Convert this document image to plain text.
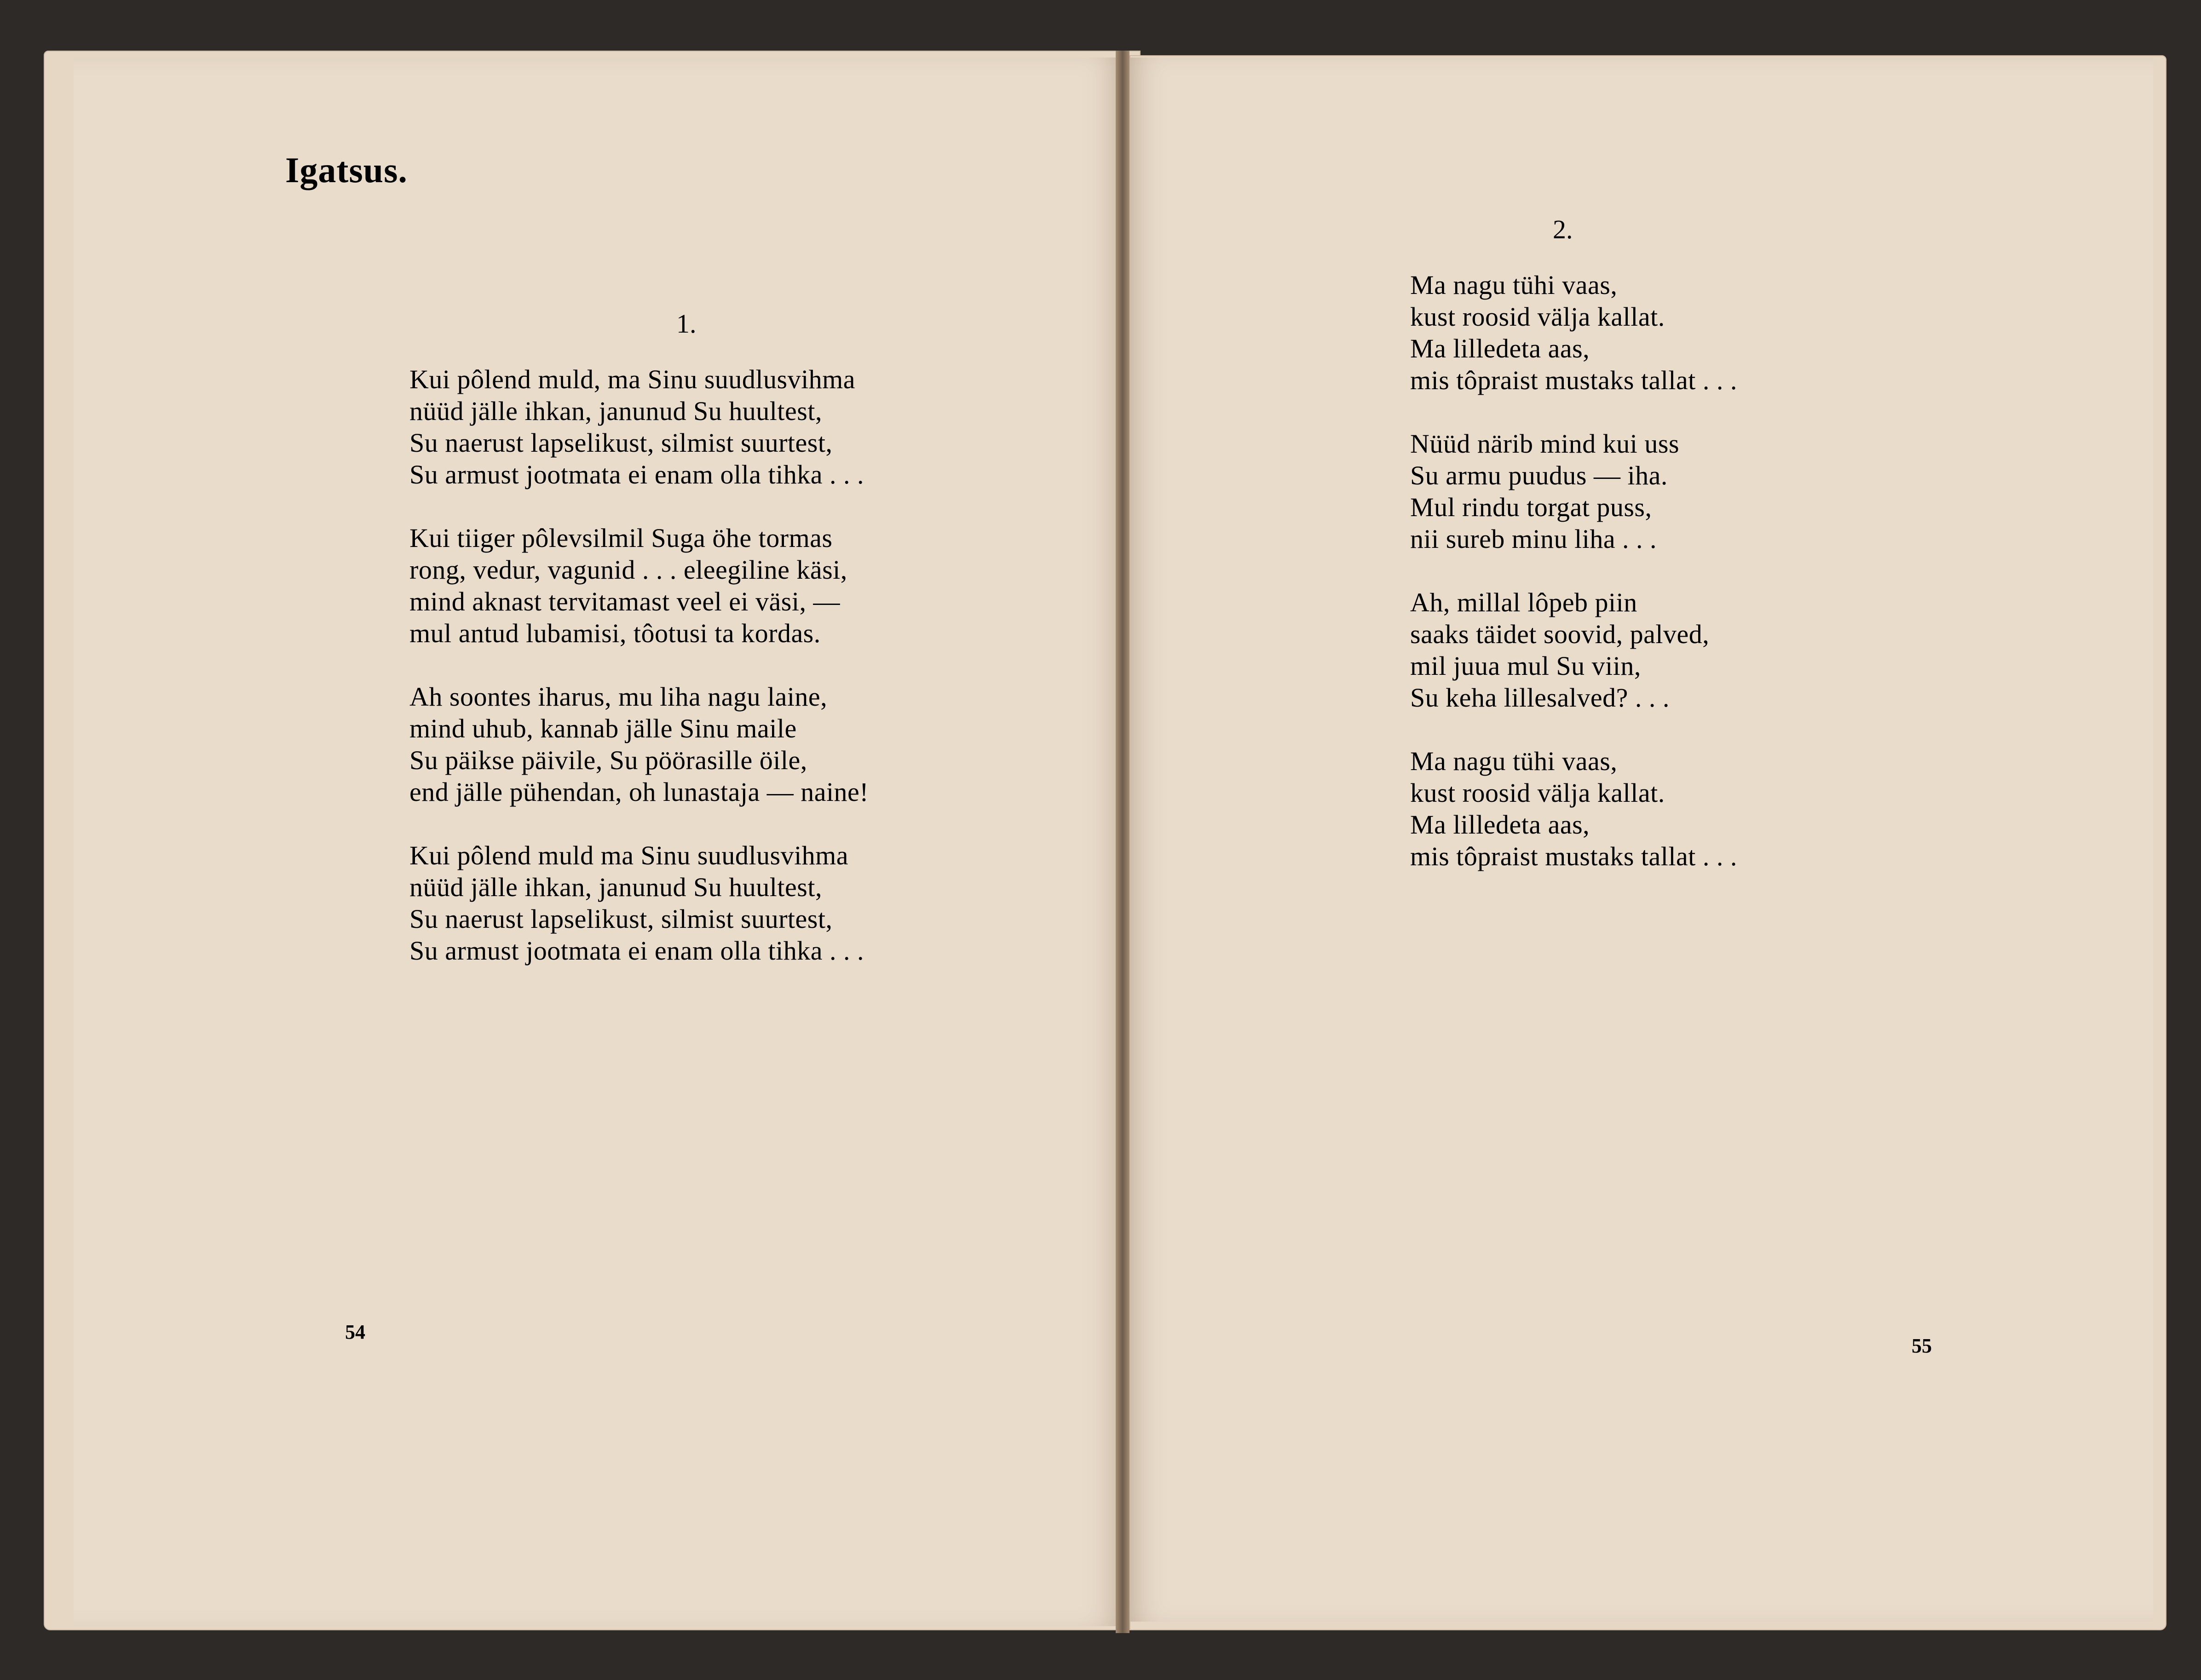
Igatsus.
1.
Kui pôlend muld, ma Sinu suudlusvihma
nüüd jälle ihkan, janunud Su huultest,
Su naerust lapselikust, silmist suurtest,
Su armust jootmata ei enam olla tihka . . .
Kui tiiger pôlevsilmil Suga öhe tormas
rong, vedur, vagunid . . . eleegiline käsi,
mind aknast tervitamast veel ei väsi, —
mul antud lubamisi, tôotusi ta kordas.
Ah soontes iharus, mu liha nagu laine,
mind uhub, kannab jälle Sinu maile
Su päikse päivile, Su pöörasille öile,
end jälle pühendan, oh lunastaja — naine!
Kui pôlend muld ma Sinu suudlusvihma
nüüd jälle ihkan, janunud Su huultest,
Su naerust lapselikust, silmist suurtest,
Su armust jootmata ei enam olla tihka . . .
54
2.
Ma nagu tühi vaas,
kust roosid välja kallat.
Ma lilledeta aas,
mis tôpraist mustaks tallat . . .
Nüüd närib mind kui uss
Su armu puudus — iha.
Mul rindu torgat puss,
nii sureb minu liha . . .
Ah, millal lôpeb piin
saaks täidet soovid, palved,
mil juua mul Su viin,
Su keha lillesalved? . . .
Ma nagu tühi vaas,
kust roosid välja kallat.
Ma lilledeta aas,
mis tôpraist mustaks tallat . . .
55
